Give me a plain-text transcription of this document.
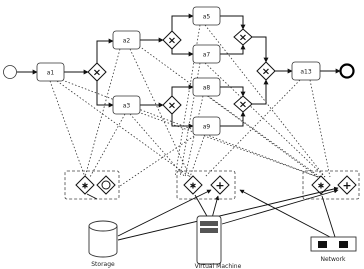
a1
a2
a3
a5
a7
a8
a9
a13
×
×
×
×
×
×
✱	✱ +	✱ +
Storage	Virtual Machine
Network
